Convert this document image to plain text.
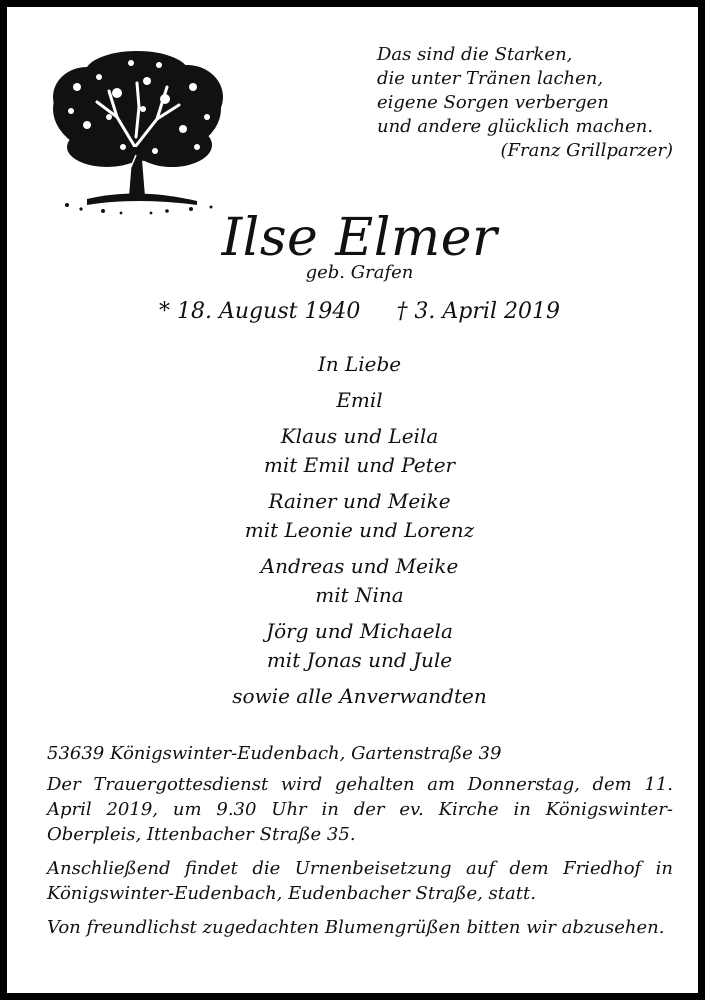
Das sind die Starken,
die unter Tränen lachen,
eigene Sorgen verbergen
und andere glücklich machen.
(Franz Grillparzer)
Ilse Elmer
geb. Grafen
* 18. August 1940 † 3. April 2019
In Liebe
Emil
Klaus und Leila
mit Emil und Peter
Rainer und Meike
mit Leonie und Lorenz
Andreas und Meike
mit Nina
Jörg und Michaela
mit Jonas und Jule
sowie alle Anverwandten

53639 Königswinter-Eudenbach, Gartenstraße 39

Der Trauergottesdienst wird gehalten am Donnerstag, dem 11. April 2019, um 9.30 Uhr in der ev. Kirche in Königswinter-Oberpleis, Ittenbacher Straße 35.

Anschließend findet die Urnenbeisetzung auf dem Friedhof in Königswinter-Eudenbach, Eudenbacher Straße, statt.

Von freundlichst zugedachten Blumengrüßen bitten wir abzusehen.
